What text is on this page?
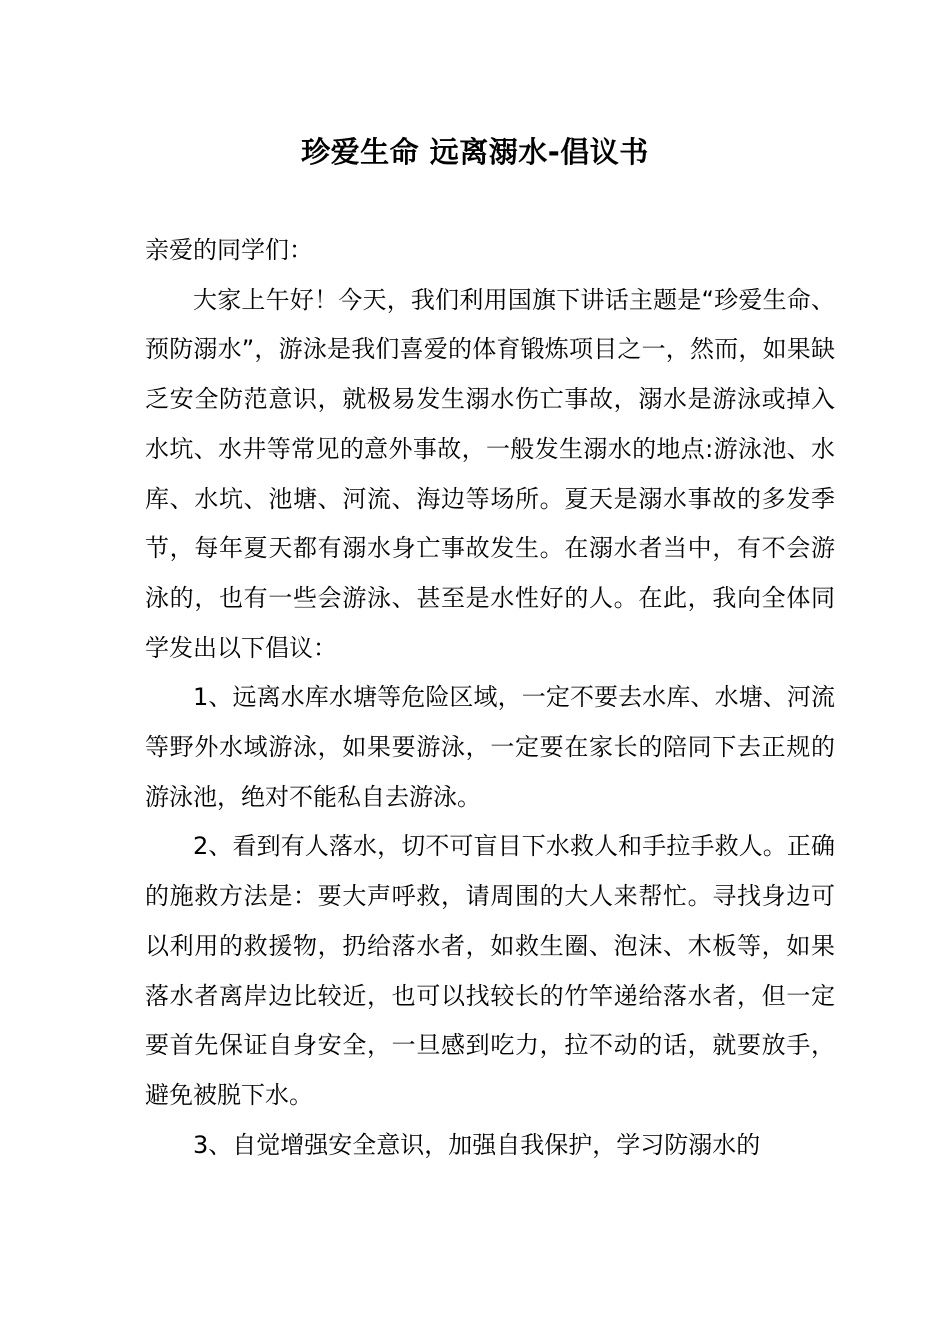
珍爱生命 远离溺水-倡议书

亲爱的同学们：

大家上午好！今天，我们利用国旗下讲话主题是“珍爱生命、预防溺水”，游泳是我们喜爱的体育锻炼项目之一，然而，如果缺乏安全防范意识，就极易发生溺水伤亡事故，溺水是游泳或掉入水坑、水井等常见的意外事故，一般发生溺水的地点:游泳池、水库、水坑、池塘、河流、海边等场所。夏天是溺水事故的多发季节，每年夏天都有溺水身亡事故发生。在溺水者当中，有不会游泳的，也有一些会游泳、甚至是水性好的人。在此，我向全体同学发出以下倡议：

1、远离水库水塘等危险区域，一定不要去水库、水塘、河流等野外水域游泳，如果要游泳，一定要在家长的陪同下去正规的游泳池，绝对不能私自去游泳。

2、看到有人落水，切不可盲目下水救人和手拉手救人。正确的施救方法是：要大声呼救，请周围的大人来帮忙。寻找身边可以利用的救援物，扔给落水者，如救生圈、泡沫、木板等，如果落水者离岸边比较近，也可以找较长的竹竿递给落水者，但一定要首先保证自身安全，一旦感到吃力，拉不动的话，就要放手，避免被脱下水。

3、自觉增强安全意识，加强自我保护，学习防溺水的
